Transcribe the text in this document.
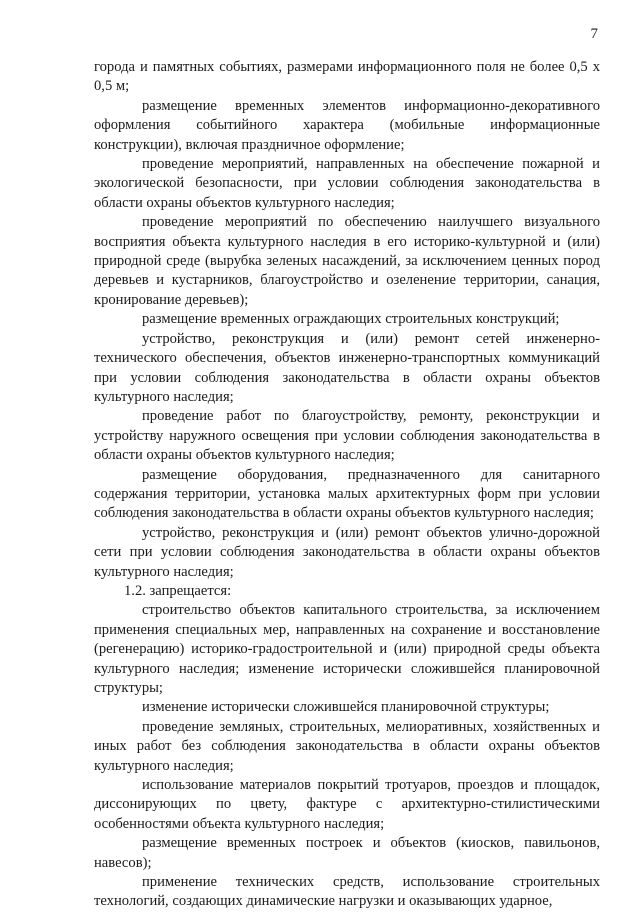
7

города и памятных событиях, размерами информационного поля не более 0,5 х 0,5 м;

размещение временных элементов информационно-декоративного оформления событийного характера (мобильные информационные конструкции), включая праздничное оформление;

проведение мероприятий, направленных на обеспечение пожарной и экологической безопасности, при условии соблюдения законодательства в области охраны объектов культурного наследия;

проведение мероприятий по обеспечению наилучшего визуального восприятия объекта культурного наследия в его историко-культурной и (или) природной среде (вырубка зеленых насаждений, за исключением ценных пород деревьев и кустарников, благоустройство и озеленение территории, санация, кронирование деревьев);

размещение временных ограждающих строительных конструкций;

устройство, реконструкция и (или) ремонт сетей инженерно-технического обеспечения, объектов инженерно-транспортных коммуникаций при условии соблюдения законодательства в области охраны объектов культурного наследия;

проведение работ по благоустройству, ремонту, реконструкции и устройству наружного освещения при условии соблюдения законодательства в области охраны объектов культурного наследия;

размещение оборудования, предназначенного для санитарного содержания территории, установка малых архитектурных форм при условии соблюдения законодательства в области охраны объектов культурного наследия;

устройство, реконструкция и (или) ремонт объектов улично-дорожной сети при условии соблюдения законодательства в области охраны объектов культурного наследия;

1.2. запрещается:

строительство объектов капитального строительства, за исключением применения специальных мер, направленных на сохранение и восстановление (регенерацию) историко-градостроительной и (или) природной среды объекта культурного наследия; изменение исторически сложившейся планировочной структуры;

изменение исторически сложившейся планировочной структуры;

проведение земляных, строительных, мелиоративных, хозяйственных и иных работ без соблюдения законодательства в области охраны объектов культурного наследия;

использование материалов покрытий тротуаров, проездов и площадок, диссонирующих по цвету, фактуре с архитектурно-стилистическими особенностями объекта культурного наследия;

размещение временных построек и объектов (киосков, павильонов, навесов);

применение технических средств, использование строительных технологий, создающих динамические нагрузки и оказывающих ударное,
